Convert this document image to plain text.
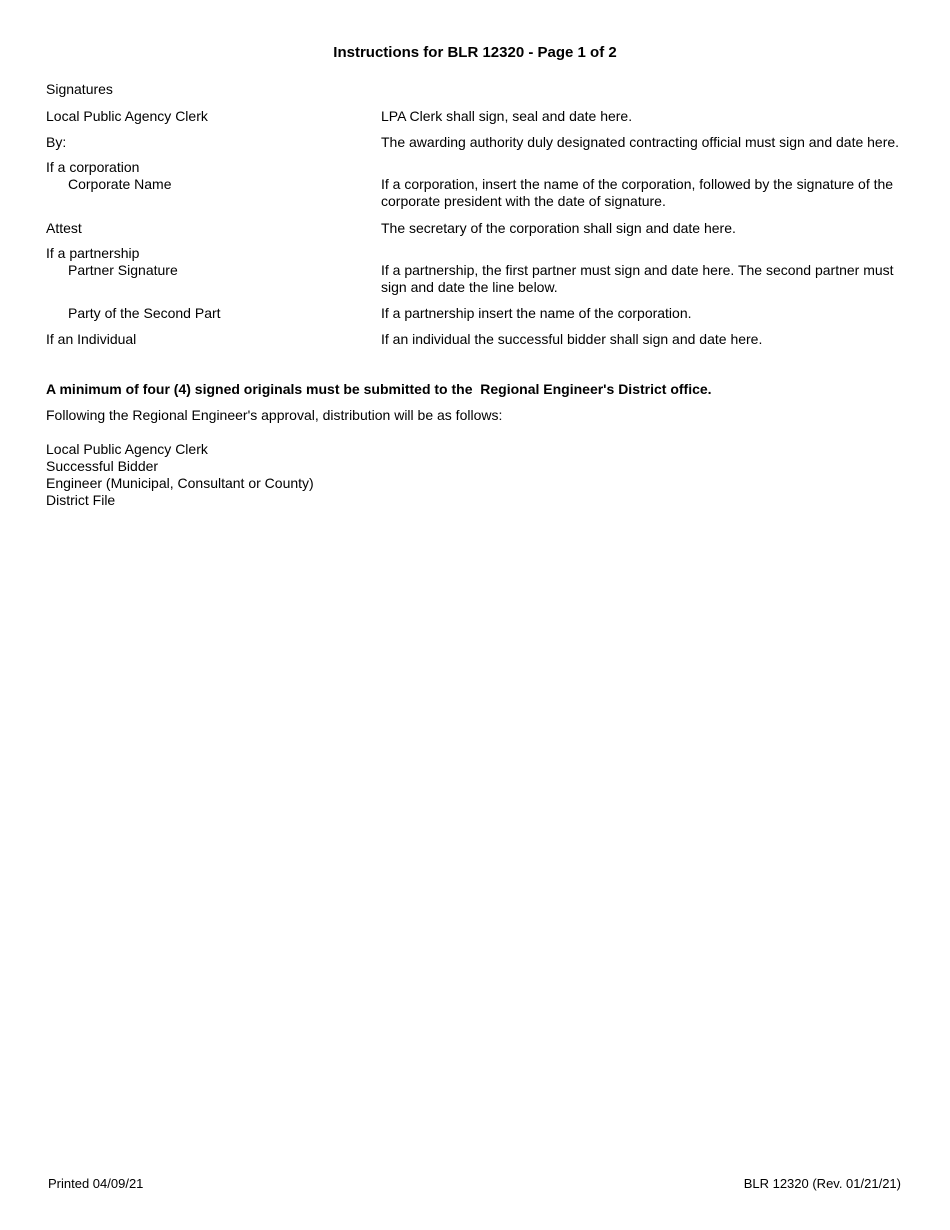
Instructions for BLR 12320 - Page 1 of 2
Signatures
Local Public Agency Clerk	LPA Clerk shall sign, seal and date here.
By:	The awarding authority duly designated contracting official must sign and date here.
If a corporation
Corporate Name	If a corporation, insert the name of the corporation, followed by the signature of the corporate president with the date of signature.
Attest	The secretary of the corporation shall sign and date here.
If a partnership
Partner Signature	If a partnership, the first partner must sign and date here. The second partner must sign and date the line below.
Party of the Second Part	If a partnership insert the name of the corporation.
If an Individual	If an individual the successful bidder shall sign and date here.
A minimum of four (4) signed originals must be submitted to the  Regional Engineer's District office.
Following the Regional Engineer's approval, distribution will be as follows:
Local Public Agency Clerk
Successful Bidder
Engineer (Municipal, Consultant or County)
District File
Printed 04/09/21	BLR 12320 (Rev. 01/21/21)
